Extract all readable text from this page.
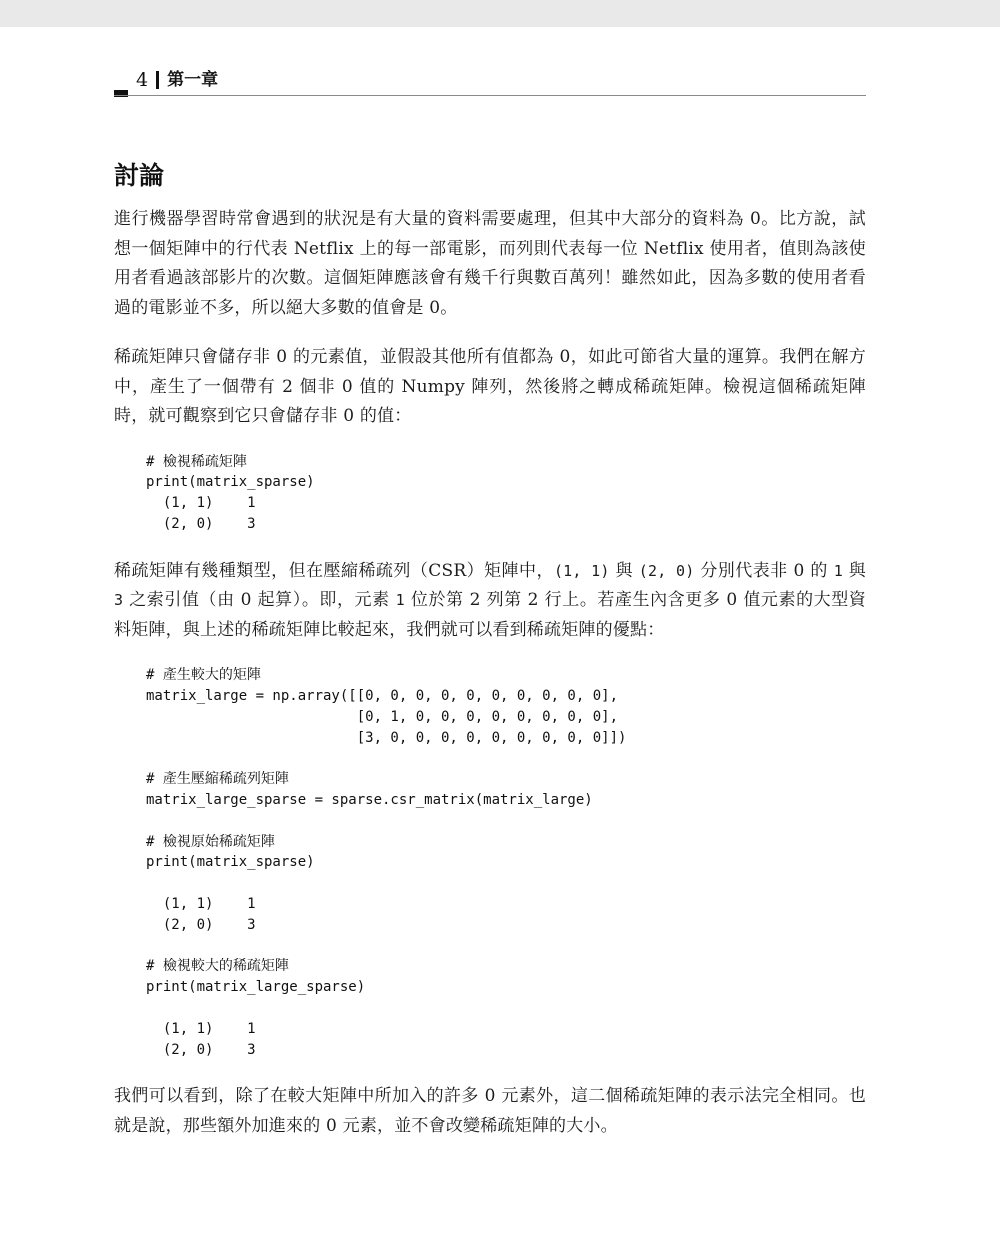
4 第一章
討論

進行機器學習時常會遇到的狀況是有大量的資料需要處理，但其中大部分的資料為 0。比方說，試想一個矩陣中的行代表 Netflix 上的每一部電影，而列則代表每一位 Netflix 使用者，值則為該使用者看過該部影片的次數。這個矩陣應該會有幾千行與數百萬列！雖然如此，因為多數的使用者看過的電影並不多，所以絕大多數的值會是 0。

稀疏矩陣只會儲存非 0 的元素值，並假設其他所有值都為 0，如此可節省大量的運算。我們在解方中，產生了一個帶有 2 個非 0 值的 Numpy 陣列，然後將之轉成稀疏矩陣。檢視這個稀疏矩陣時，就可觀察到它只會儲存非 0 的值：

# 檢視稀疏矩陣
print(matrix_sparse)
(1, 1)    1
(2, 0)    3

稀疏矩陣有幾種類型，但在壓縮稀疏列（CSR）矩陣中，(1, 1) 與 (2, 0) 分別代表非 0 的 1 與 3 之索引值（由 0 起算）。即，元素 1 位於第 2 列第 2 行上。若產生內含更多 0 值元素的大型資料矩陣，與上述的稀疏矩陣比較起來，我們就可以看到稀疏矩陣的優點：

# 產生較大的矩陣
matrix_large = np.array([[0, 0, 0, 0, 0, 0, 0, 0, 0, 0],
[0, 1, 0, 0, 0, 0, 0, 0, 0, 0],
[3, 0, 0, 0, 0, 0, 0, 0, 0, 0]])

# 產生壓縮稀疏列矩陣
matrix_large_sparse = sparse.csr_matrix(matrix_large)

# 檢視原始稀疏矩陣
print(matrix_sparse)

(1, 1)    1
(2, 0)    3

# 檢視較大的稀疏矩陣
print(matrix_large_sparse)

(1, 1)    1
(2, 0)    3

我們可以看到，除了在較大矩陣中所加入的許多 0 元素外，這二個稀疏矩陣的表示法完全相同。也就是說，那些額外加進來的 0 元素，並不會改變稀疏矩陣的大小。
